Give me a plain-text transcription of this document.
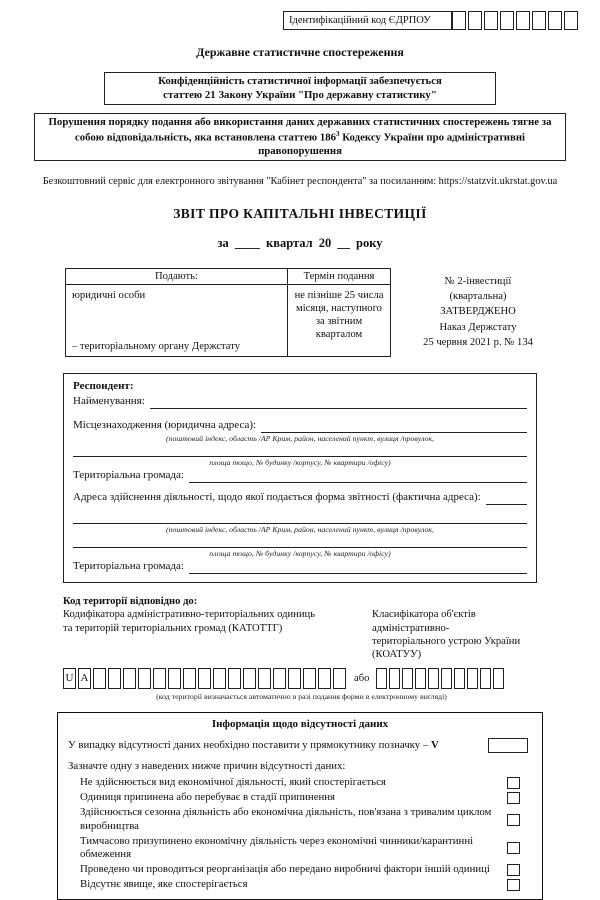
Ідентифікаційний код ЄДРПОУ
Державне статистичне спостереження
Конфіденційність статистичної інформації забезпечується
статтею 21 Закону України "Про державну статистику"
Порушення порядку подання або використання даних державних статистичних спостережень тягне за собою відповідальність, яка встановлена статтею $186^3$ Кодексу України про адміністративні правопорушення
Безкоштовний сервіс для електронного звітування "Кабінет респондента" за посиланням: https://statzvit.ukrstat.gov.ua
ЗВІТ ПРО КАПІТАЛЬНІ ІНВЕСТИЦІЇ
за ____ квартал 20 __ року
Подають:	Термін подання

юридичні особи
– територіальному органу Держстату	не пізніше 25 числа місяця, наступного за звітним кварталом
№ 2-інвестиції
(квартальна)
ЗАТВЕРДЖЕНО
Наказ Держстату
25 червня 2021 р. № 134
Респондент:
Найменування:
Місцезнаходження (юридична адреса):
(поштовий індекс, область /АР Крим, район, населений пункт, вулиця /провулок,
площа тощо, № будинку /корпусу, № квартири /офісу)
Територіальна громада:
Адреса здійснення діяльності, щодо якої подається форма звітності (фактична адреса):
(поштовий індекс, область /АР Крим, район, населений пункт, вулиця /провулок,
площа тощо, № будинку /корпусу, № квартири /офісу)
Територіальна громада:
Код території відповідно до:
Кодифікатора адміністративно-територіальних одиниць
та територій територіальних громад (КАТОТТГ)
Класифікатора об'єктів адміністративно-
територіального устрою України (КОАТУУ)
U A	або
(код території визначається автоматично в разі подання форми в електронному вигляді)
Інформація щодо відсутності даних
У випадку відсутності даних необхідно поставити у прямокутнику позначку – V
Зазначте одну з наведених нижче причин відсутності даних:
Не здійснюється вид економічної діяльності, який спостерігається
Одиниця припинена або перебуває в стадії припинення
Здійснюється сезонна діяльність або економічна діяльність, пов'язана з тривалим циклом виробництва
Тимчасово призупинено економічну діяльність через економічні чинники/карантинні обмеження
Проведено чи проводиться реорганізація або передано виробничі фактори іншій одиниці
Відсутнє явище, яке спостерігається
